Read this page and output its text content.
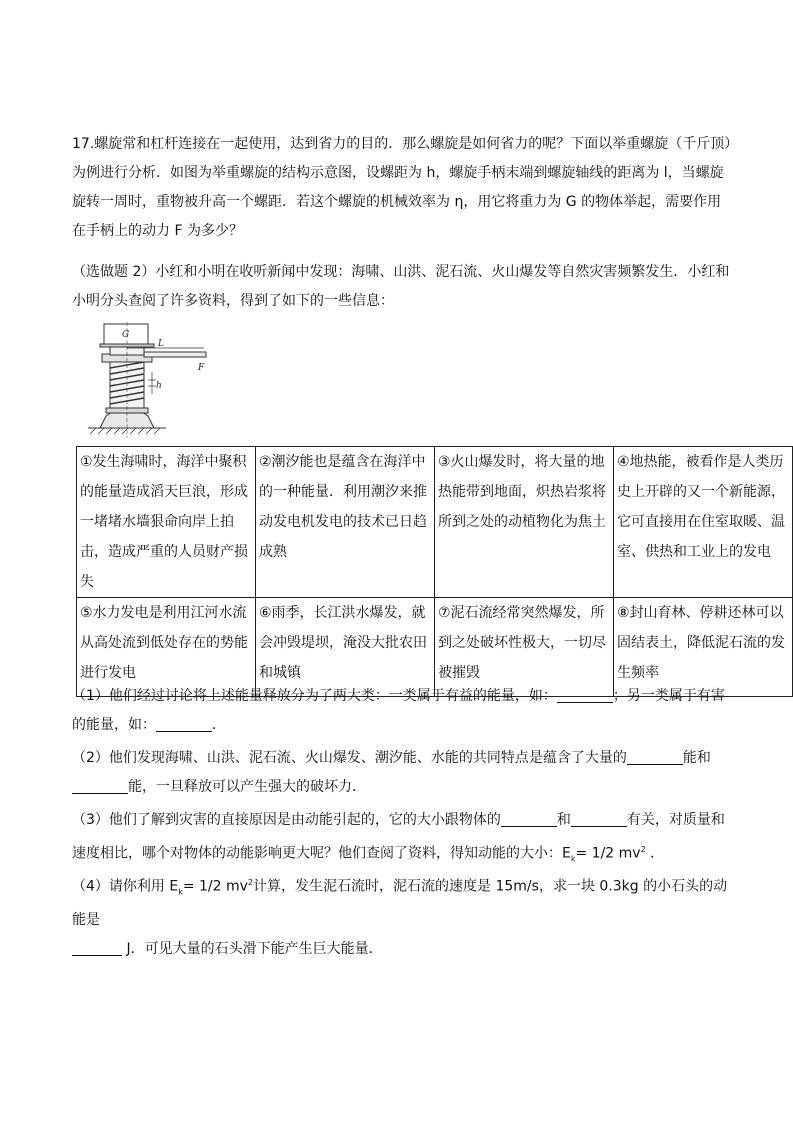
17.螺旋常和杠杆连接在一起使用，达到省力的目的．那么螺旋是如何省力的呢？下面以举重螺旋（千斤顶）为例进行分析．如图为举重螺旋的结构示意图，设螺距为 h，螺旋手柄末端到螺旋轴线的距离为 l，当螺旋旋转一周时，重物被升高一个螺距．若这个螺旋的机械效率为 η，用它将重力为 G 的物体举起，需要作用在手柄上的动力 F 为多少？

（选做题 2）小红和小明在收听新闻中发现：海啸、山洪、泥石流、火山爆发等自然灾害频繁发生．小红和小明分头查阅了许多资料，得到了如下的一些信息：

G
L
F
h
①发生海啸时，海洋中聚积的能量造成滔天巨浪，形成一堵堵水墙狠命向岸上拍击，造成严重的人员财产损失	②潮汐能也是蕴含在海洋中的一种能量．利用潮汐来推动发电机发电的技术已日趋成熟	③火山爆发时，将大量的地热能带到地面，炽热岩浆将所到之处的动植物化为焦土	④地热能，被看作是人类历史上开辟的又一个新能源，它可直接用在住室取暖、温室、供热和工业上的发电
⑤水力发电是利用江河水流从高处流到低处存在的势能进行发电	⑥雨季，长江洪水爆发，就会冲毁堤坝，淹没大批农田和城镇	⑦泥石流经常突然爆发，所到之处破坏性极大，一切尽被摧毁	⑧封山育林、停耕还林可以固结表土，降低泥石流的发生频率

（1）他们经过讨论将上述能量释放分为了两大类：一类属于有益的能量，如：	；另一类属于有害的能量，如：	．

（2）他们发现海啸、山洪、泥石流、火山爆发、潮汐能、水能的共同特点是蕴含了大量的	能和
能，一旦释放可以产生强大的破坏力．

（3）他们了解到灾害的直接原因是由动能引起的，它的大小跟物体的	和	有关，对质量和速度相比，哪个对物体的动能影响更大呢？他们查阅了资料，得知动能的大小：$E_k= 1/2$ $mv^2$ ．

（4）请你利用 $E_k= 1/2$ $mv^2$计算，发生泥石流时，泥石流的速度是 15m/s，求一块 0.3kg 的小石头的动能是
J．可见大量的石头滑下能产生巨大能量．
